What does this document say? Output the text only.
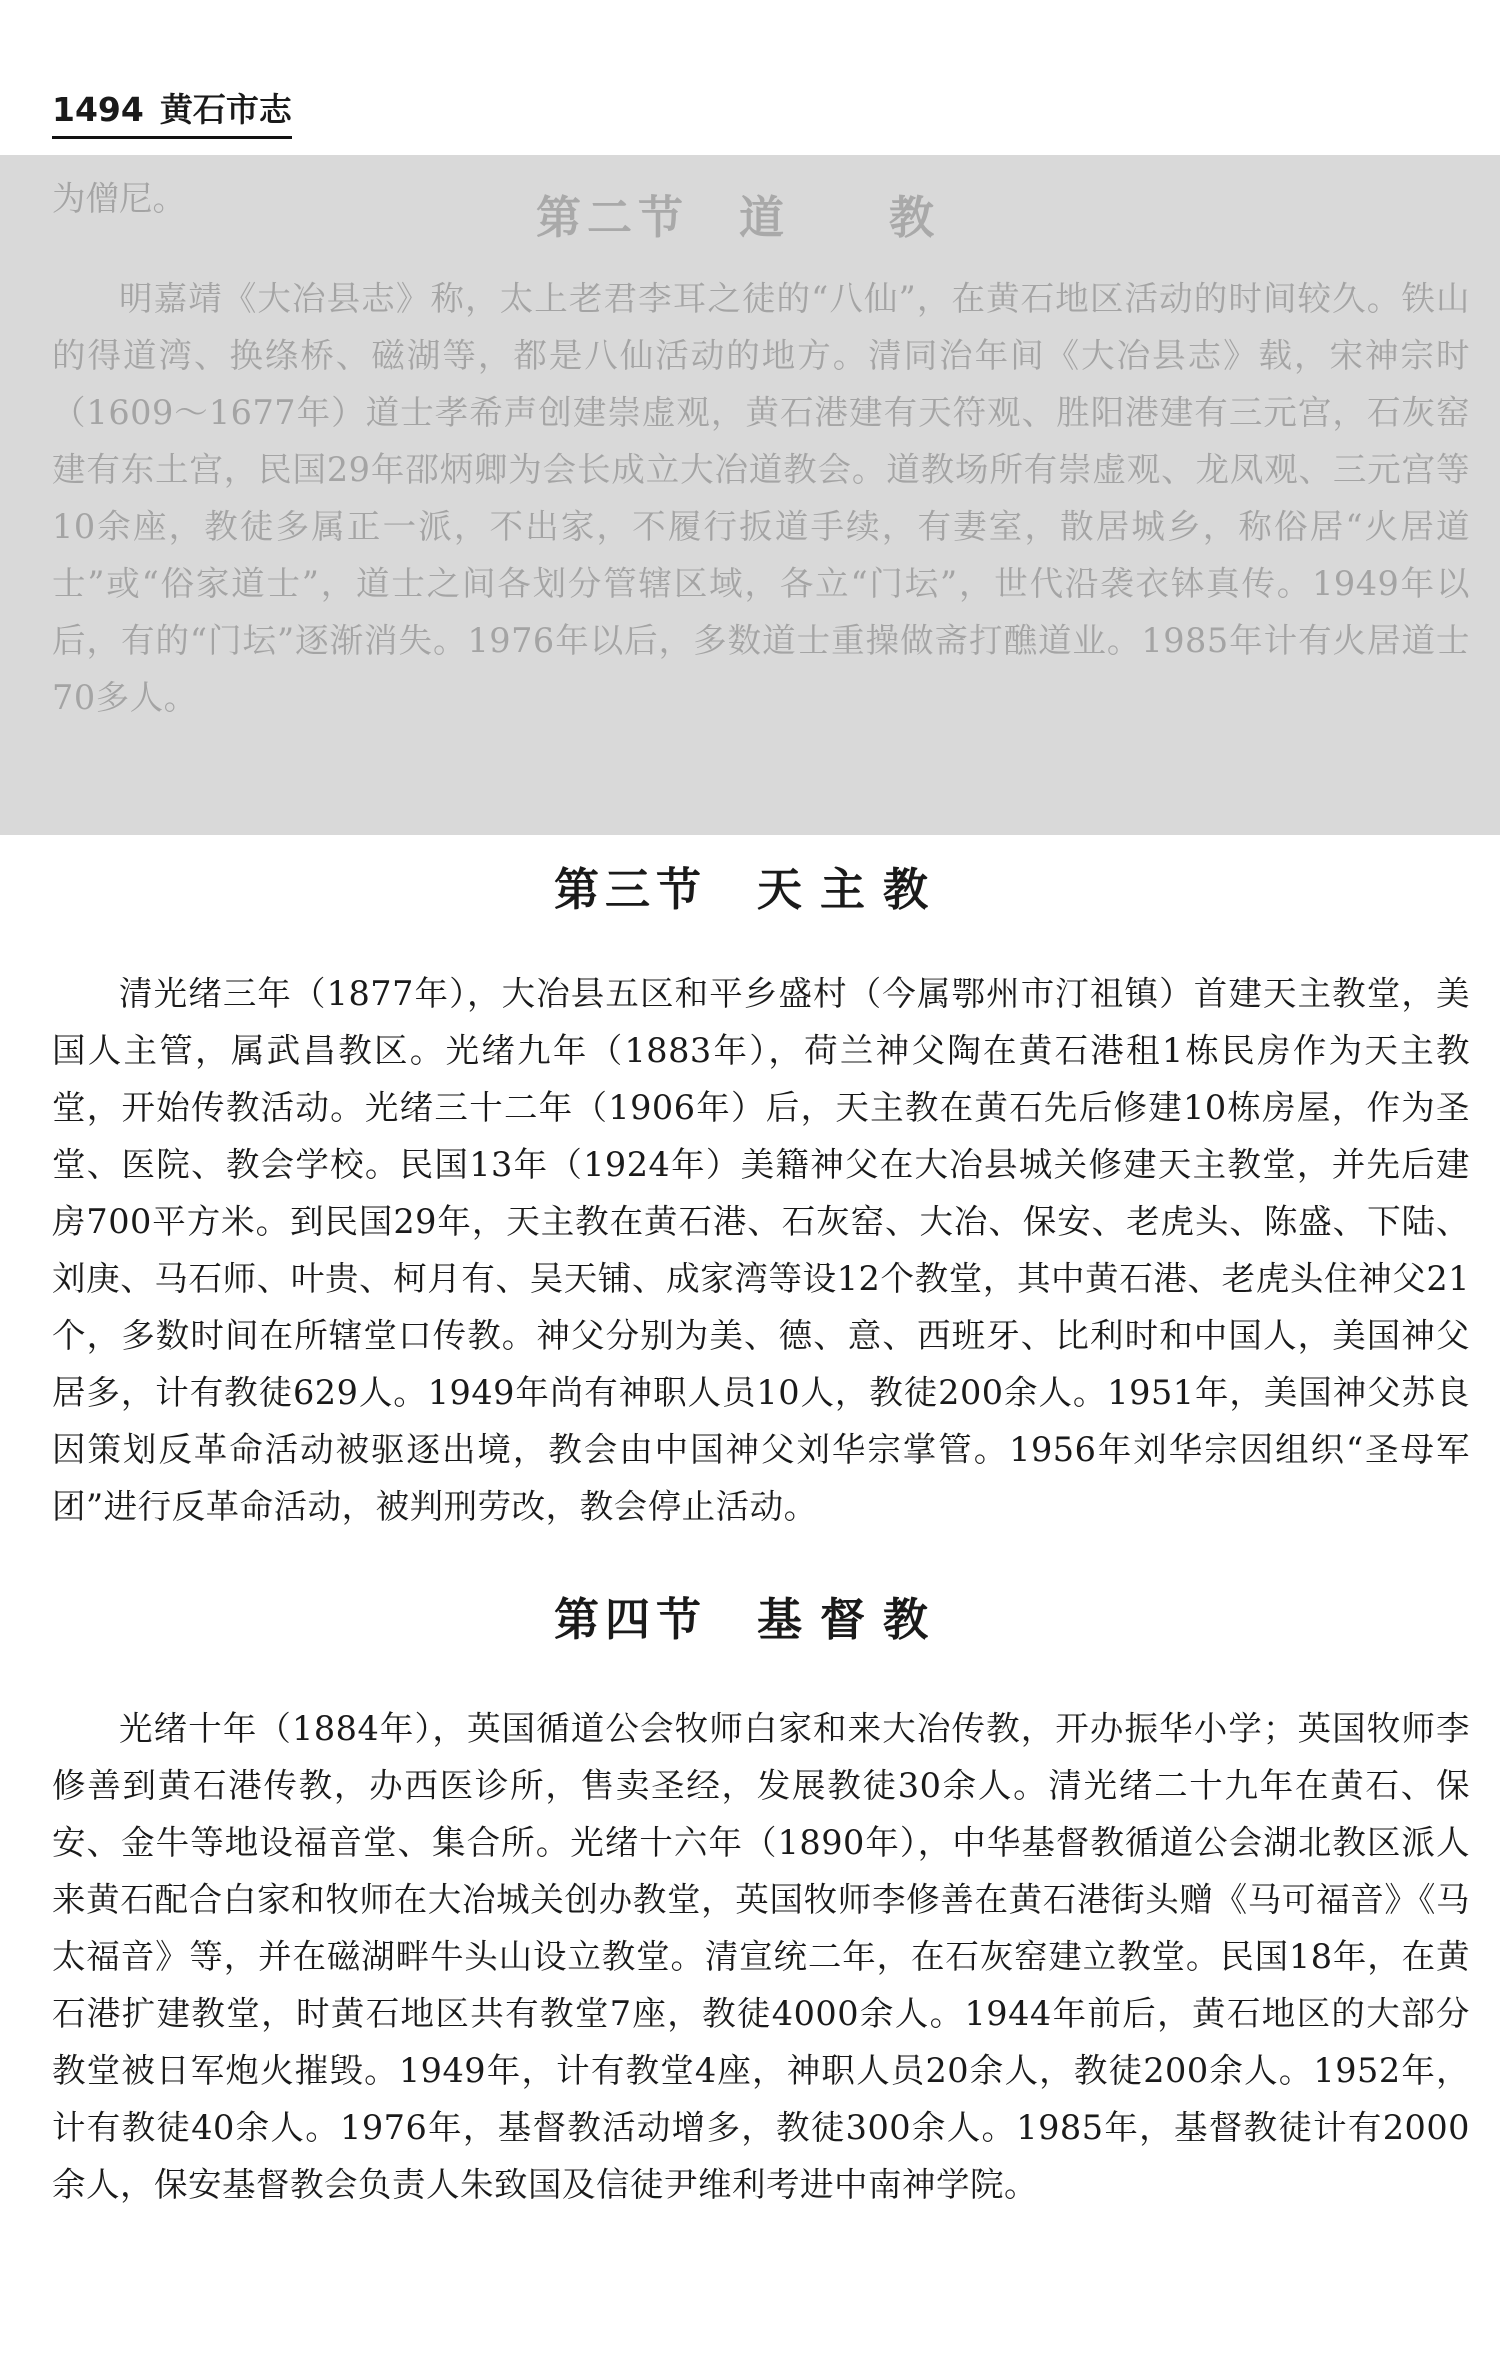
1494 黄石市志

为僧尼。	第二节 道　教

明嘉靖《大冶县志》称，太上老君李耳之徒的“八仙”，在黄石地区活动的时间较久。铁山的得道湾、换绦桥、磁湖等，都是八仙活动的地方。清同治年间《大冶县志》载，宋神宗时（1609～1677年）道士孝希声创建崇虚观，黄石港建有天符观、胜阳港建有三元宫，石灰窑建有东土宫，民国29年邵炳卿为会长成立大冶道教会。道教场所有崇虚观、龙凤观、三元宫等10余座，教徒多属正一派，不出家，不履行扳道手续，有妻室，散居城乡，称俗居“火居道士”或“俗家道士”，道士之间各划分管辖区域，各立“门坛”，世代沿袭衣钵真传。1949年以后，有的“门坛”逐渐消失。1976年以后，多数道士重操做斋打醮道业。1985年计有火居道士70多人。

第三节 天主教

清光绪三年（1877年），大冶县五区和平乡盛村（今属鄂州市汀祖镇）首建天主教堂，美国人主管，属武昌教区。光绪九年（1883年），荷兰神父陶在黄石港租1栋民房作为天主教堂，开始传教活动。光绪三十二年（1906年）后，天主教在黄石先后修建10栋房屋，作为圣堂、医院、教会学校。民国13年（1924年）美籍神父在大冶县城关修建天主教堂，并先后建房700平方米。到民国29年，天主教在黄石港、石灰窑、大冶、保安、老虎头、陈盛、下陆、刘庚、马石师、叶贵、柯月有、吴天铺、成家湾等设12个教堂，其中黄石港、老虎头住神父21个，多数时间在所辖堂口传教。神父分别为美、德、意、西班牙、比利时和中国人，美国神父居多，计有教徒629人。1949年尚有神职人员10人，教徒200余人。1951年，美国神父苏良因策划反革命活动被驱逐出境，教会由中国神父刘华宗掌管。1956年刘华宗因组织“圣母军团”进行反革命活动，被判刑劳改，教会停止活动。

第四节 基督教

光绪十年（1884年），英国循道公会牧师白家和来大冶传教，开办振华小学；英国牧师李修善到黄石港传教，办西医诊所，售卖圣经，发展教徒30余人。清光绪二十九年在黄石、保安、金牛等地设福音堂、集合所。光绪十六年（1890年），中华基督教循道公会湖北教区派人来黄石配合白家和牧师在大冶城关创办教堂，英国牧师李修善在黄石港街头赠《马可福音》《马太福音》等，并在磁湖畔牛头山设立教堂。清宣统二年，在石灰窑建立教堂。民国18年，在黄石港扩建教堂，时黄石地区共有教堂7座，教徒4000余人。1944年前后，黄石地区的大部分教堂被日军炮火摧毁。1949年，计有教堂4座，神职人员20余人，教徒200余人。1952年，计有教徒40余人。1976年，基督教活动增多，教徒300余人。1985年，基督教徒计有2000余人，保安基督教会负责人朱致国及信徒尹维利考进中南神学院。
